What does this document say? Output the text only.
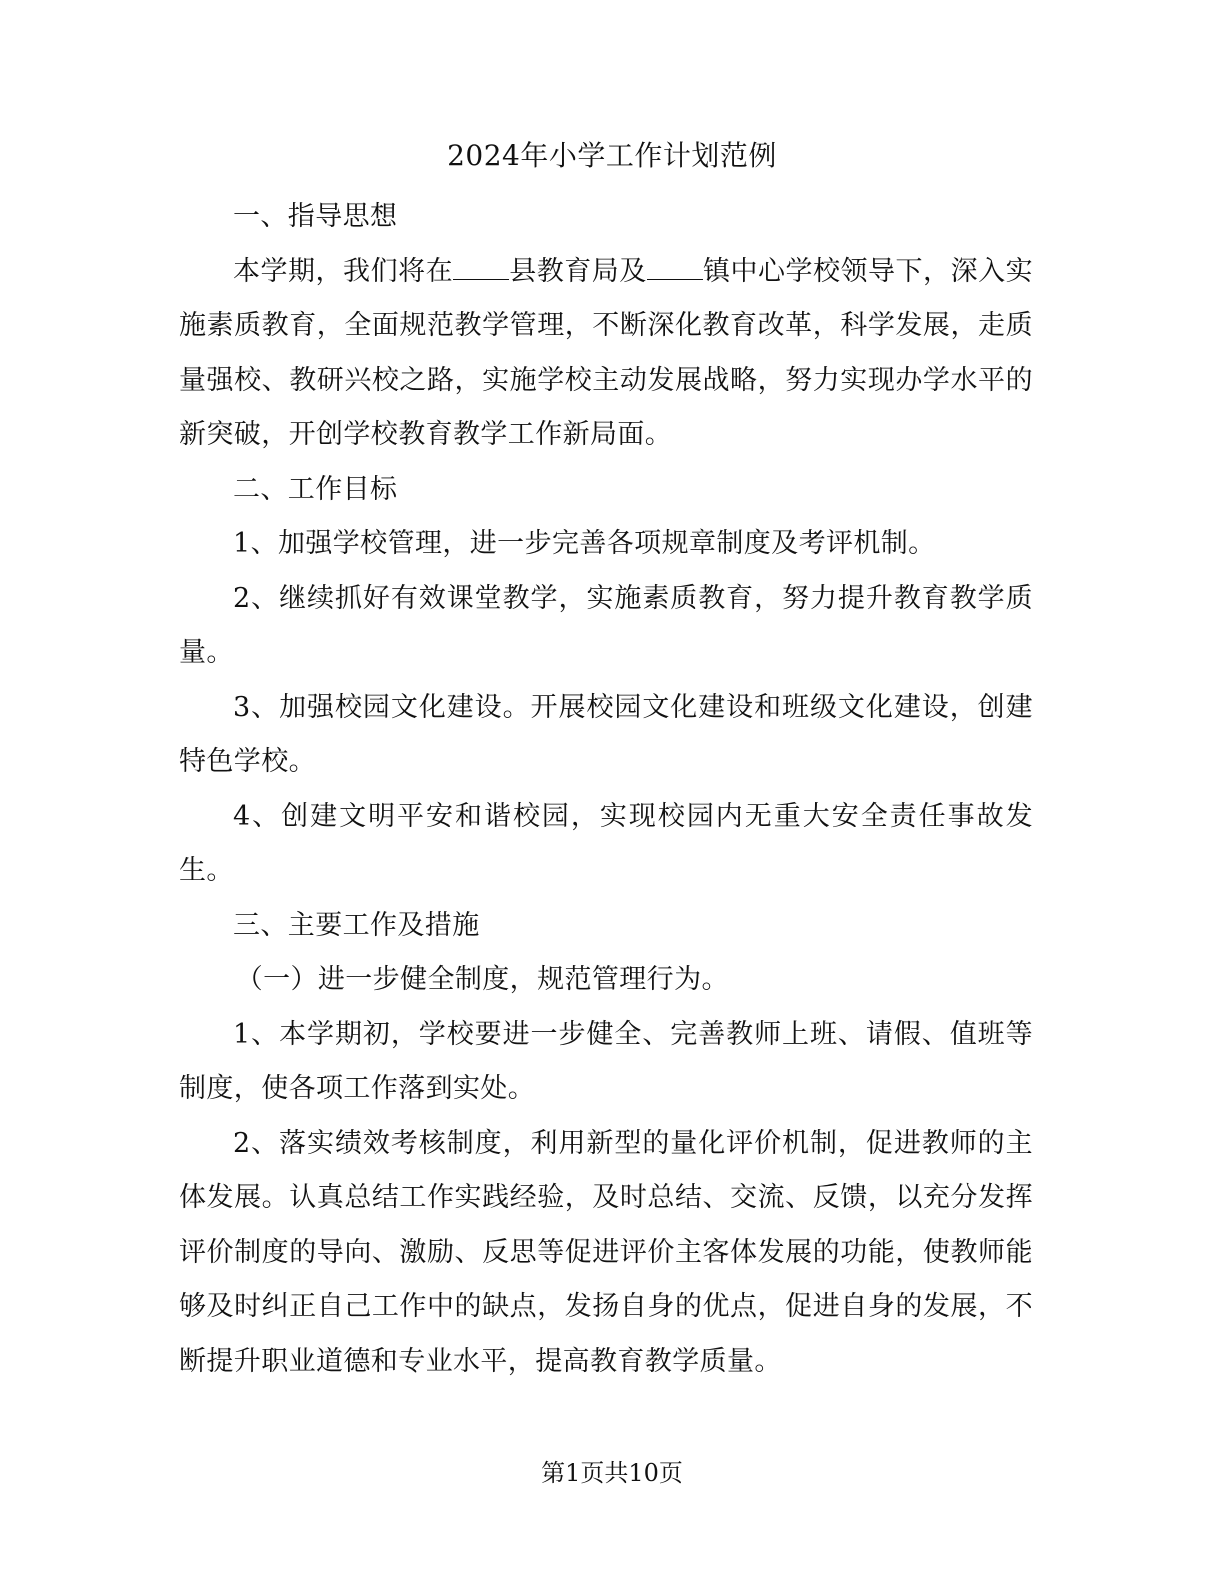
2024年小学工作计划范例

一、指导思想

本学期，我们将在 县教育局及 镇中心学校领导下，深入实施素质教育，全面规范教学管理，不断深化教育改革，科学发展，走质量强校、教研兴校之路，实施学校主动发展战略，努力实现办学水平的新突破，开创学校教育教学工作新局面。

二、工作目标

1、加强学校管理，进一步完善各项规章制度及考评机制。

2、继续抓好有效课堂教学，实施素质教育，努力提升教育教学质量。

3、加强校园文化建设。开展校园文化建设和班级文化建设，创建特色学校。

4、创建文明平安和谐校园，实现校园内无重大安全责任事故发生。

三、主要工作及措施

（一）进一步健全制度，规范管理行为。

1、本学期初，学校要进一步健全、完善教师上班、请假、值班等制度，使各项工作落到实处。

2、落实绩效考核制度，利用新型的量化评价机制，促进教师的主体发展。认真总结工作实践经验，及时总结、交流、反馈，以充分发挥评价制度的导向、激励、反思等促进评价主客体发展的功能，使教师能够及时纠正自己工作中的缺点，发扬自身的优点，促进自身的发展，不断提升职业道德和专业水平，提高教育教学质量。

第1页共10页
